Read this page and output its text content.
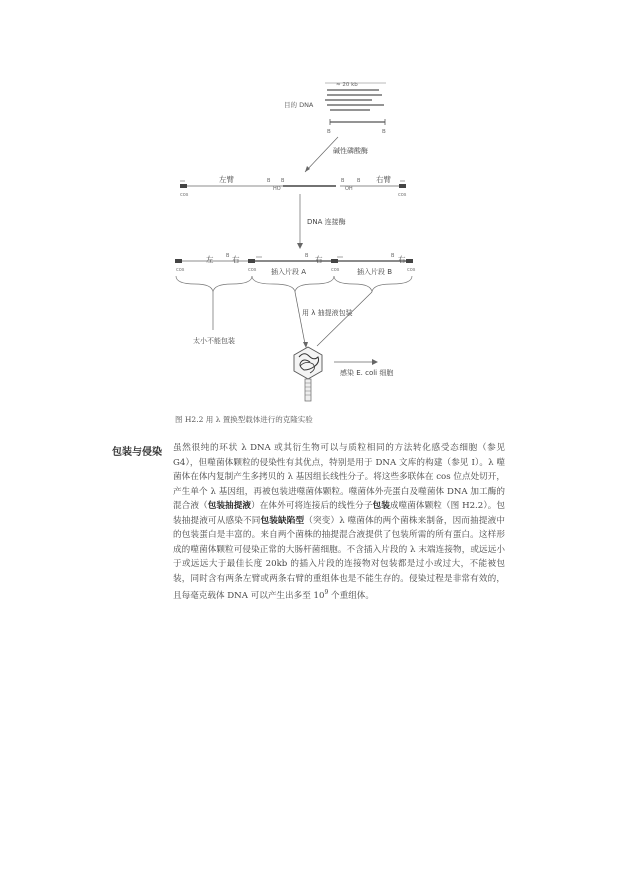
≈ 20 kb
目的 DNA
B	B
碱性磷酸酶
cos	cos
左臂	右臂
B B	B	B
HO	OH
DNA 连接酶
cos	cos	cos	cos
左 右	右	右
B	B	B
插入片段 A	插入片段 B
太小不能包装
用 λ 抽提液包装
感染 E. coli 细胞
图 H2.2 用 λ 置换型载体进行的克隆实验
包装与侵染 虽然很纯的环状 λ DNA 或其衍生物可以与质粒相同的方法转化感受态细胞（参见 G4），但噬菌体颗粒的侵染性有其优点，特别是用于 DNA 文库的构建（参见 I）。λ 噬菌体在体内复制产生多拷贝的 λ 基因组长线性分子。将这些多联体在 cos 位点处切开，产生单个 λ 基因组，再被包装进噬菌体颗粒。噬菌体外壳蛋白及噬菌体 DNA 加工酶的混合液（包装抽提液）在体外可将连接后的线性分子包装成噬菌体颗粒（图 H2.2）。包装抽提液可从感染不同包装缺陷型（突变）λ 噬菌体的两个菌株来制备，因而抽提液中的包装蛋白是丰富的。来自两个菌株的抽提混合液提供了包装所需的所有蛋白。这样形成的噬菌体颗粒可侵染正常的大肠杆菌细胞。不含插入片段的 λ 末端连接物，或远远小于或远远大于最佳长度 20kb 的插入片段的连接物对包装都是过小或过大，不能被包装，同时含有两条左臂或两条右臂的重组体也是不能生存的。侵染过程是非常有效的，且每毫克载体 DNA 可以产生出多至 $10^9$ 个重组体。
